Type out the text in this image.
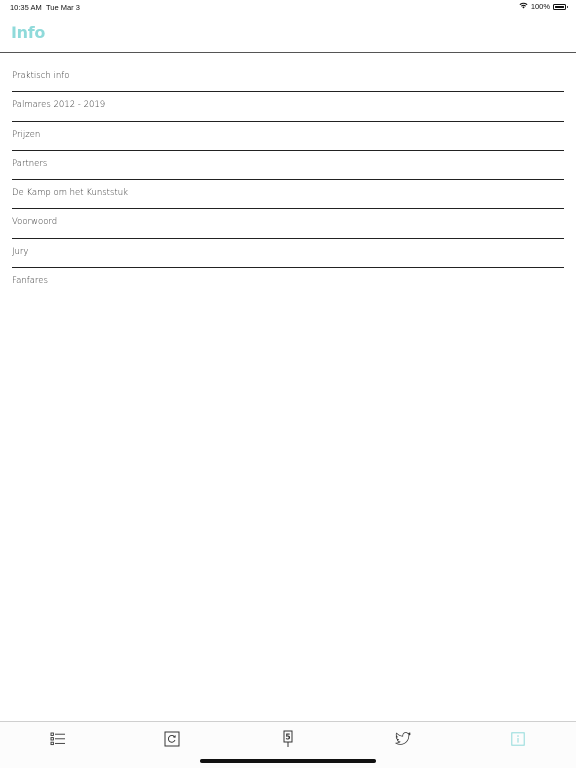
10:35 AM Tue Mar 3	100%
Info
Praktisch info
Palmares 2012 - 2019
Prijzen
Partners
De Kamp om het Kunststuk
Voorwoord
Jury
Fanfares
5
